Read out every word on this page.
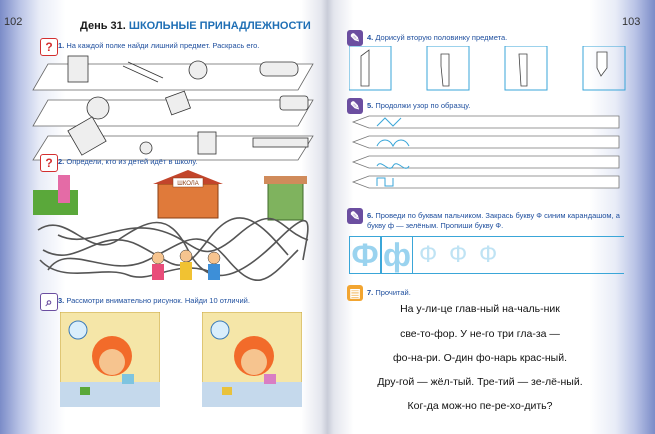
102	День 31. ШКОЛЬНЫЕ ПРИНАДЛЕЖНОСТИ
? 1. На каждой полке найди лишний предмет. Раскрась его.
? 2. Определи, кто из детей идёт в школу.
ШКОЛА
⌕ 3. Рассмотри внимательно рисунок. Найди 10 отличий.
103
✎ 4. Дорисуй вторую половинку предмета.
✎ 5. Продолжи узор по образцу.
✎ 6. Проведи по буквам пальчиком. Закрась букву Ф синим карандашом, а букву ф — зелёным. Пропиши букву Ф.
Ф ф Ф Ф Ф
▤ 7. Прочитай.
На у-ли-це глав-ный на-чаль-ник
све-то-фор. У не-го три гла-за —
фо-на-ри. О-дин фо-нарь крас-ный.
Дру-гой — жёл-тый. Тре-тий — зе-лё-ный.
Ког-да мож-но пе-ре-хо-дить?
